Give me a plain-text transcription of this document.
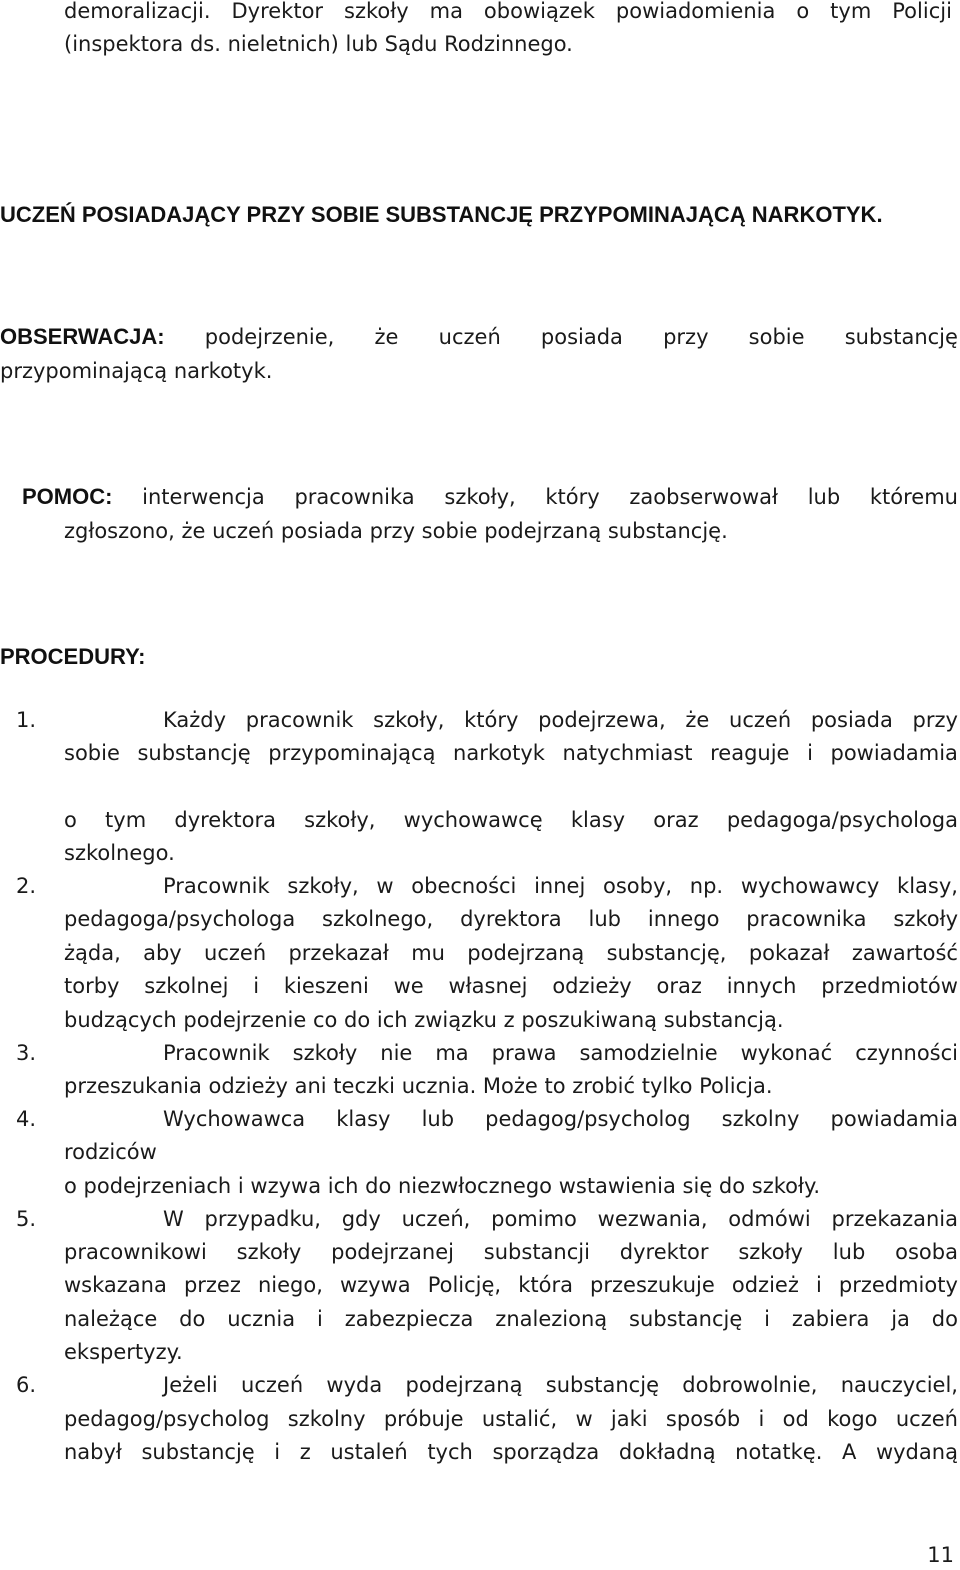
demoralizacji. Dyrektor szkoły ma obowiązek powiadomienia o tym Policji
(inspektora ds. nieletnich) lub Sądu Rodzinnego.
UCZEŃ POSIADAJĄCY PRZY SOBIE SUBSTANCJĘ PRZYPOMINAJĄCĄ NARKOTYK.
OBSERWACJA: podejrzenie, że uczeń posiada przy sobie substancję
przypominającą narkotyk.
POMOC: interwencja pracownika szkoły, który zaobserwował lub któremu
zgłoszono, że uczeń posiada przy sobie podejrzaną substancję.
PROCEDURY:
1.	Każdy pracownik szkoły, który podejrzewa, że uczeń posiada przy
sobie substancję przypominającą narkotyk natychmiast reaguje i powiadamia
o tym dyrektora szkoły, wychowawcę klasy oraz pedagoga/psychologa
szkolnego.
2.	Pracownik szkoły, w obecności innej osoby, np. wychowawcy klasy,
pedagoga/psychologa szkolnego, dyrektora lub innego pracownika szkoły
żąda, aby uczeń przekazał mu podejrzaną substancję, pokazał zawartość
torby szkolnej i kieszeni we własnej odzieży oraz innych przedmiotów
budzących podejrzenie co do ich związku z poszukiwaną substancją.
3.	Pracownik szkoły nie ma prawa samodzielnie wykonać czynności
przeszukania odzieży ani teczki ucznia. Może to zrobić tylko Policja.
4.	Wychowawca klasy lub pedagog/psycholog szkolny powiadamia
rodziców
o podejrzeniach i wzywa ich do niezwłocznego wstawienia się do szkoły.
5.	W przypadku, gdy uczeń, pomimo wezwania, odmówi przekazania
pracownikowi szkoły podejrzanej substancji dyrektor szkoły lub osoba
wskazana przez niego, wzywa Policję, która przeszukuje odzież i przedmioty
należące do ucznia i zabezpiecza znalezioną substancję i zabiera ja do
ekspertyzy.
6.	Jeżeli uczeń wyda podejrzaną substancję dobrowolnie, nauczyciel,
pedagog/psycholog szkolny próbuje ustalić, w jaki sposób i od kogo uczeń
nabył substancję i z ustaleń tych sporządza dokładną notatkę. A wydaną
11
